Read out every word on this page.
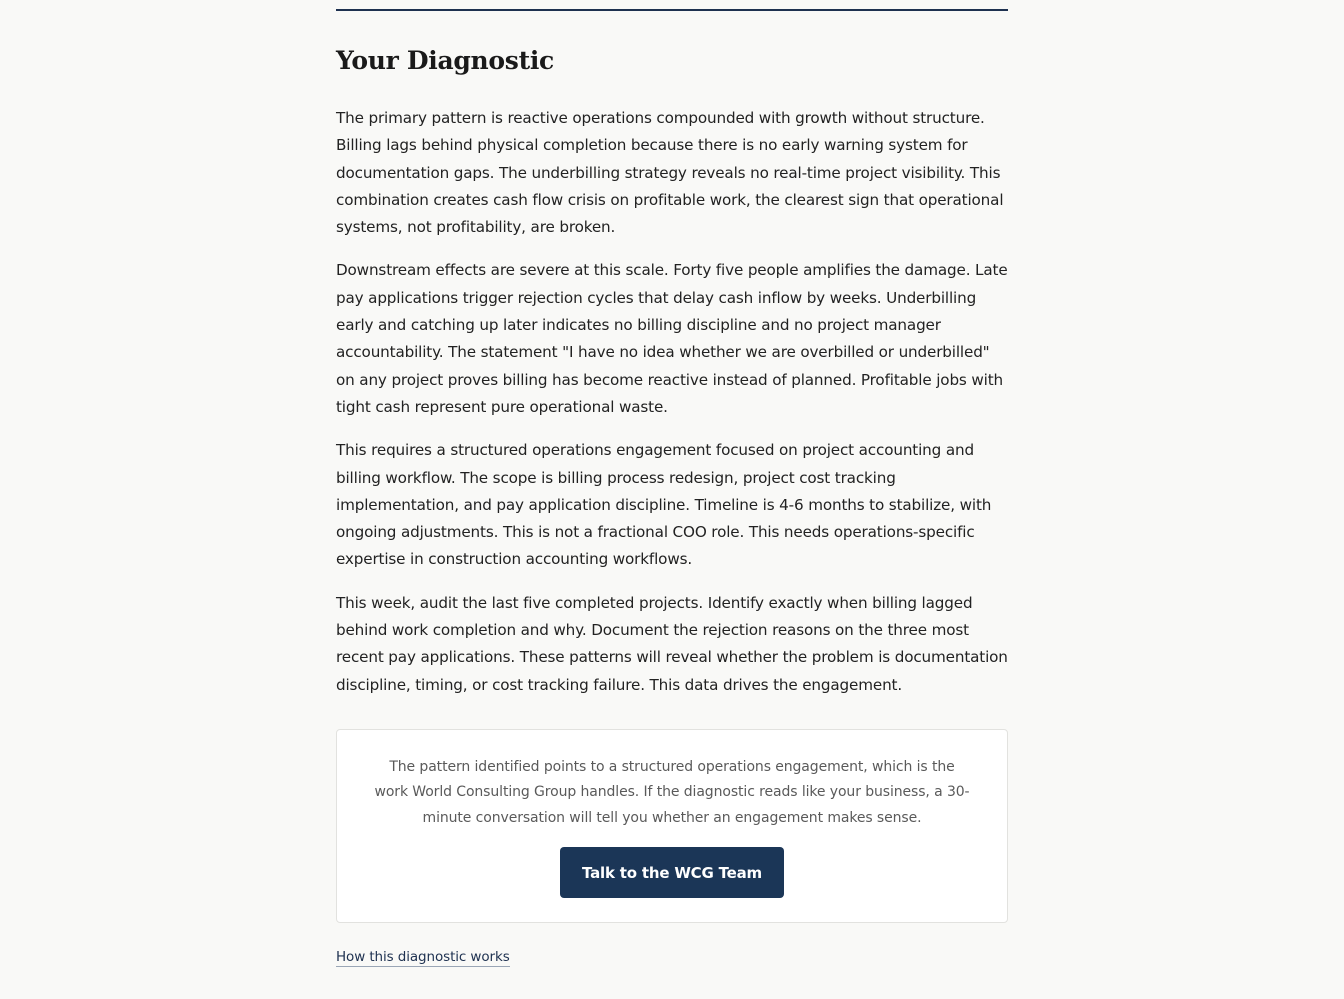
Your Diagnostic

The primary pattern is reactive operations compounded with growth without structure. Billing lags behind physical completion because there is no early warning system for documentation gaps. The underbilling strategy reveals no real-time project visibility. This combination creates cash flow crisis on profitable work, the clearest sign that operational systems, not profitability, are broken.

Downstream effects are severe at this scale. Forty five people amplifies the damage. Late pay applications trigger rejection cycles that delay cash inflow by weeks. Underbilling early and catching up later indicates no billing discipline and no project manager accountability. The statement "I have no idea whether we are overbilled or underbilled" on any project proves billing has become reactive instead of planned. Profitable jobs with tight cash represent pure operational waste.

This requires a structured operations engagement focused on project accounting and billing workflow. The scope is billing process redesign, project cost tracking implementation, and pay application discipline. Timeline is 4-6 months to stabilize, with ongoing adjustments. This is not a fractional COO role. This needs operations-specific expertise in construction accounting workflows.

This week, audit the last five completed projects. Identify exactly when billing lagged behind work completion and why. Document the rejection reasons on the three most recent pay applications. These patterns will reveal whether the problem is documentation discipline, timing, or cost tracking failure. This data drives the engagement.

The pattern identified points to a structured operations engagement, which is the work World Consulting Group handles. If the diagnostic reads like your business, a 30-minute conversation will tell you whether an engagement makes sense.

Talk to the WCG Team
How this diagnostic works
